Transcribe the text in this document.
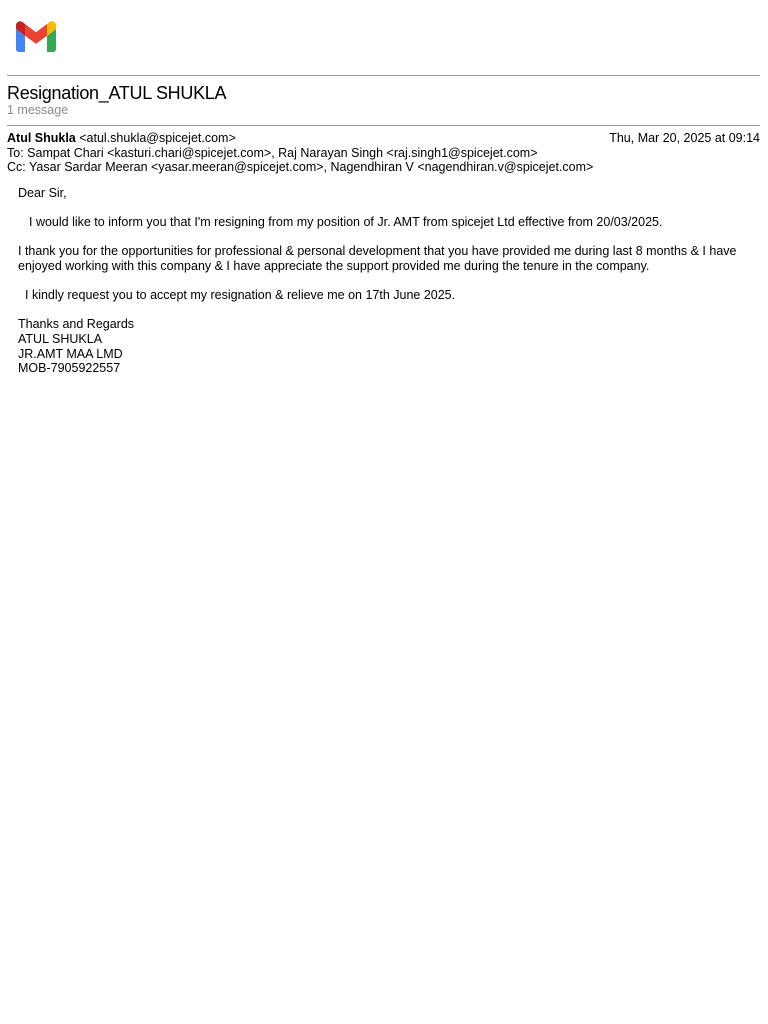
Resignation_ATUL SHUKLA
1 message
Atul Shukla <atul.shukla@spicejet.com>	Thu, Mar 20, 2025 at 09:14
To: Sampat Chari <kasturi.chari@spicejet.com>, Raj Narayan Singh <raj.singh1@spicejet.com>
Cc: Yasar Sardar Meeran <yasar.meeran@spicejet.com>, Nagendhiran V <nagendhiran.v@spicejet.com>

Dear Sir,

I would like to inform you that I'm resigning from my position of Jr. AMT from spicejet Ltd effective from 20/03/2025.

I thank you for the opportunities for professional & personal development that you have provided me during last 8 months & I have enjoyed working with this company & I have appreciate the support provided me during the tenure in the company.

I kindly request you to accept my resignation & relieve me on 17th June 2025.

Thanks and Regards

ATUL SHUKLA

JR.AMT MAA LMD

MOB-7905922557
